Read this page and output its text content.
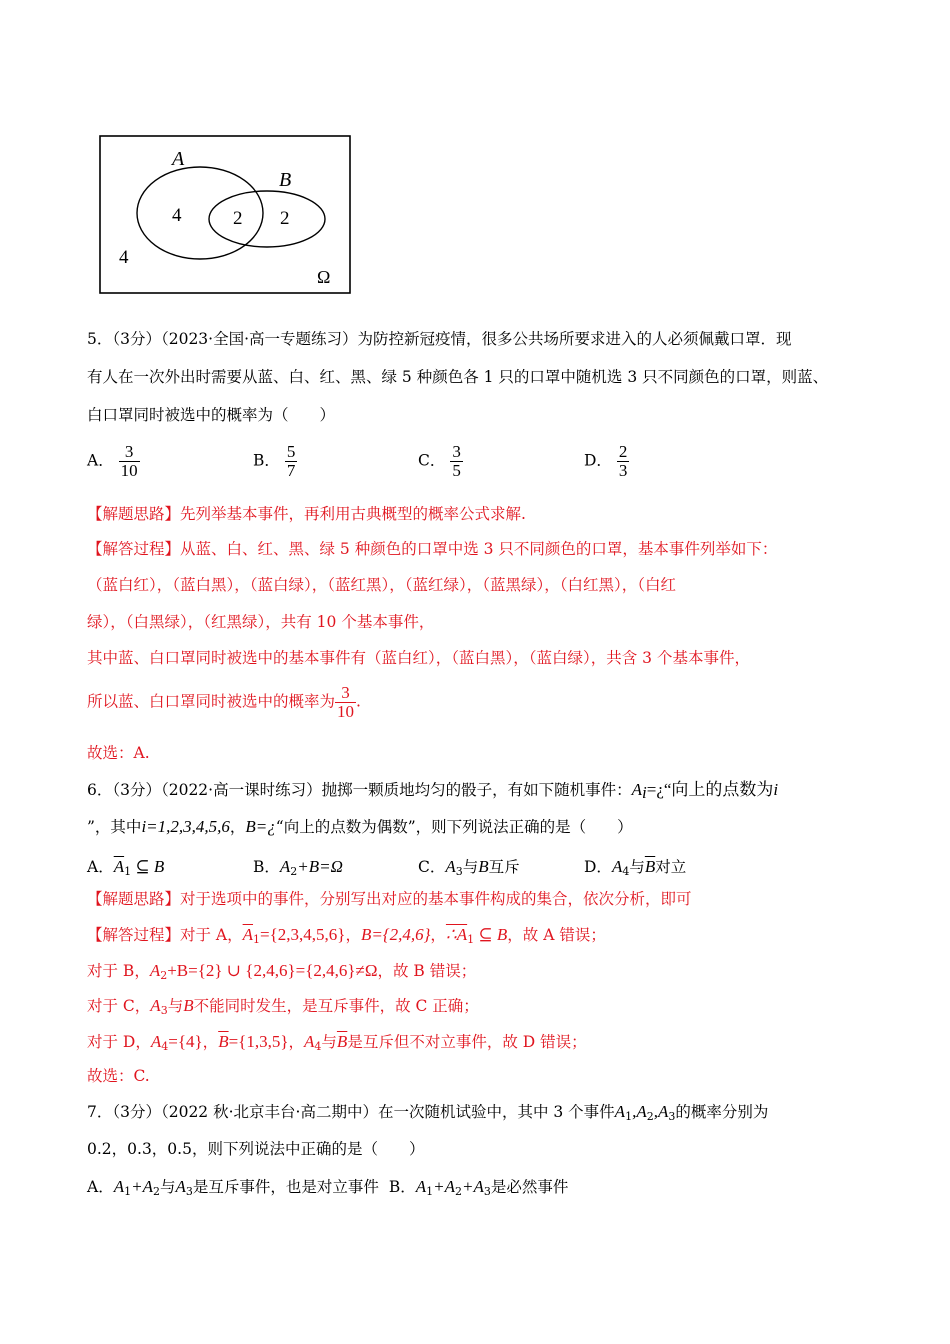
A
B
4	2 2
4
Ω
5．（3分）（2023·全国·高一专题练习）为防控新冠疫情，很多公共场所要求进入的人必须佩戴口罩．现
有人在一次外出时需要从蓝、白、红、黑、绿 5 种颜色各 1 只的口罩中随机选 3 只不同颜色的口罩，则蓝、
白口罩同时被选中的概率为（　　）
A． $\frac{3}{10}$	B． $\frac{5}{7}$	C． $\frac{3}{5}$	D． $\frac{2}{3}$
【解题思路】先列举基本事件，再利用古典概型的概率公式求解.
【解答过程】从蓝、白、红、黑、绿 5 种颜色的口罩中选 3 只不同颜色的口罩，基本事件列举如下：
（蓝白红），（蓝白黑），（蓝白绿），（蓝红黑），（蓝红绿），（蓝黑绿），（白红黑），（白红
绿），（白黑绿），（红黑绿），共有 10 个基本事件，
其中蓝、白口罩同时被选中的基本事件有（蓝白红），（蓝白黑），（蓝白绿），共含 3 个基本事件，
所以蓝、白口罩同时被选中的概率为 $\frac{3}{10}$ .
故选：A.
6．（3分）（2022·高一课时练习）抛掷一颗质地均匀的骰子，有如下随机事件：$A_i=¿“$向上的点数为i
”，其中i=1,2,3,4,5,6，B=¿“向上的点数为偶数”，则下列说法正确的是（　　）
A．$\overline{A}_1$ ⊆ B	B．$A_2+B=\Omega$	C．$A_3$与B互斥	D．$A_4$与$\overline{B}$对立
【解题思路】对于选项中的事件，分别写出对应的基本事件构成的集合，依次分析，即可
【解答过程】对于 A，$\overline{A}_1=\{2,3,4,5,6\}$，B={2,4,6}，$\therefore A_1$ ⊆ B，故 A 错误；
对于 B，$A_2+B=\{2\}$ ∪ {2,4,6}={2,4,6}≠Ω，故 B 错误；
对于 C，$A_3$与B不能同时发生，是互斥事件，故 C 正确；
对于 D，$A_4=\{4\}$，$\overline{B}=\{1,3,5\}$，$A_4$与$\overline{B}$是互斥但不对立事件，故 D 错误；
故选：C.
7．（3分）（2022 秋·北京丰台·高二期中）在一次随机试验中，其中 3 个事件$A_1,A_2,A_3$的概率分别为
0.2，0.3，0.5，则下列说法中正确的是（　　）
A．$A_1+A_2$与$A_3$是互斥事件，也是对立事件 B．$A_1+A_2+A_3$是必然事件
